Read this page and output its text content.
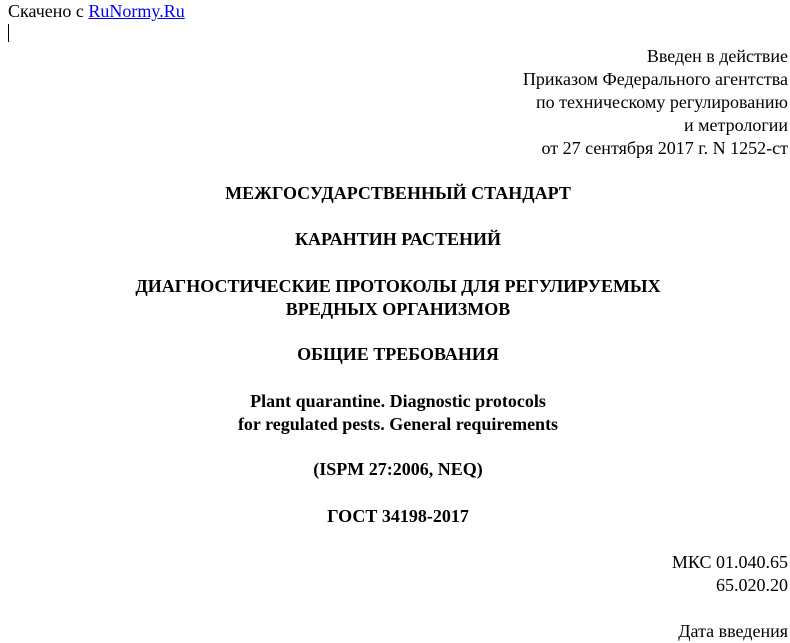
Скачено с RuNormy.Ru

Введен в действие
Приказом Федерального агентства
по техническому регулированию
и метрологии
от 27 сентября 2017 г. N 1252-ст
МЕЖГОСУДАРСТВЕННЫЙ СТАНДАРТ
КАРАНТИН РАСТЕНИЙ
ДИАГНОСТИЧЕСКИЕ ПРОТОКОЛЫ ДЛЯ РЕГУЛИРУЕМЫХ
ВРЕДНЫХ ОРГАНИЗМОВ
ОБЩИЕ ТРЕБОВАНИЯ
Plant quarantine. Diagnostic protocols
for regulated pests. General requirements
(ISPM 27:2006, NEQ)
ГОСТ 34198-2017
МКС 01.040.65
65.020.20
Дата введения
